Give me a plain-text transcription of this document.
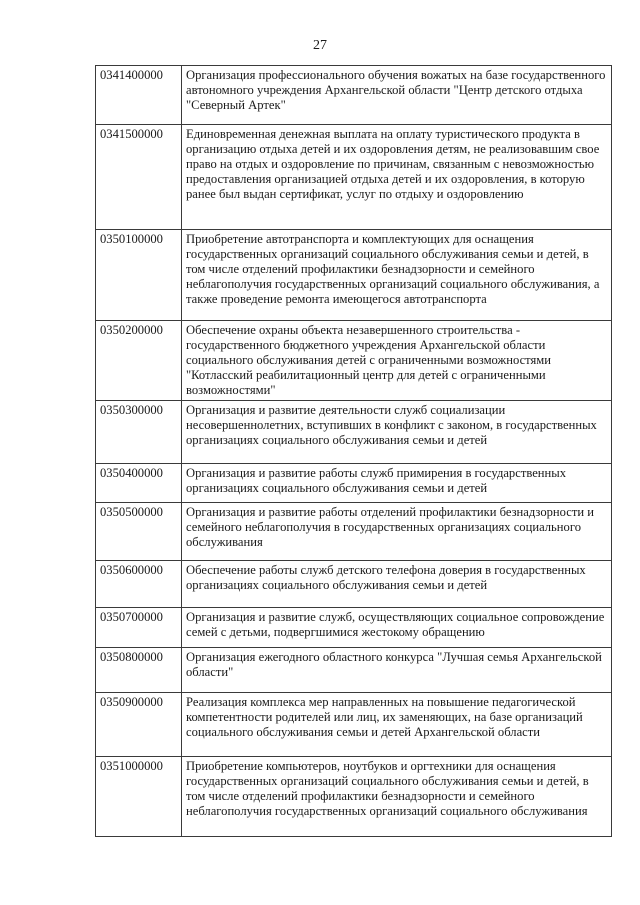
27
0341400000	Организация профессионального обучения вожатых на базе государственного автономного учреждения Архангельской области "Центр детского отдыха "Северный Артек"
0341500000	Единовременная денежная выплата на оплату туристического продукта в организацию отдыха детей и их оздоровления детям, не реализовавшим свое право на отдых и оздоровление по причинам, связанным с невозможностью предоставления организацией отдыха детей и их оздоровления, в которую ранее был выдан сертификат, услуг по отдыху и оздоровлению
0350100000	Приобретение автотранспорта и комплектующих для оснащения государственных организаций социального обслуживания семьи и детей, в том числе отделений профилактики безнадзорности и семейного неблагополучия государственных организаций социального обслуживания, а также проведение ремонта имеющегося автотранспорта
0350200000	Обеспечение охраны объекта незавершенного строительства - государственного бюджетного учреждения Архангельской области социального обслуживания детей с ограниченными возможностями "Котласский реабилитационный центр для детей с ограниченными возможностями"
0350300000	Организация и развитие деятельности служб социализации несовершеннолетних, вступивших в конфликт с законом, в государственных организациях социального обслуживания семьи и детей
0350400000	Организация и развитие работы служб примирения в государственных организациях социального обслуживания семьи и детей
0350500000	Организация и развитие работы отделений профилактики безнадзорности и семейного неблагополучия в государственных организациях социального обслуживания
0350600000	Обеспечение работы служб детского телефона доверия в государственных организациях социального обслуживания семьи и детей
0350700000	Организация и развитие служб, осуществляющих социальное сопровождение семей с детьми, подвергшимися жестокому обращению
0350800000	Организация ежегодного областного конкурса "Лучшая семья Архангельской области"
0350900000	Реализация комплекса мер направленных на повышение педагогической компетентности родителей или лиц, их заменяющих, на базе организаций социального обслуживания семьи и детей Архангельской области
0351000000	Приобретение компьютеров, ноутбуков и оргтехники для оснащения государственных организаций социального обслуживания семьи и детей, в том числе отделений профилактики безнадзорности и семейного неблагополучия государственных организаций социального обслуживания
